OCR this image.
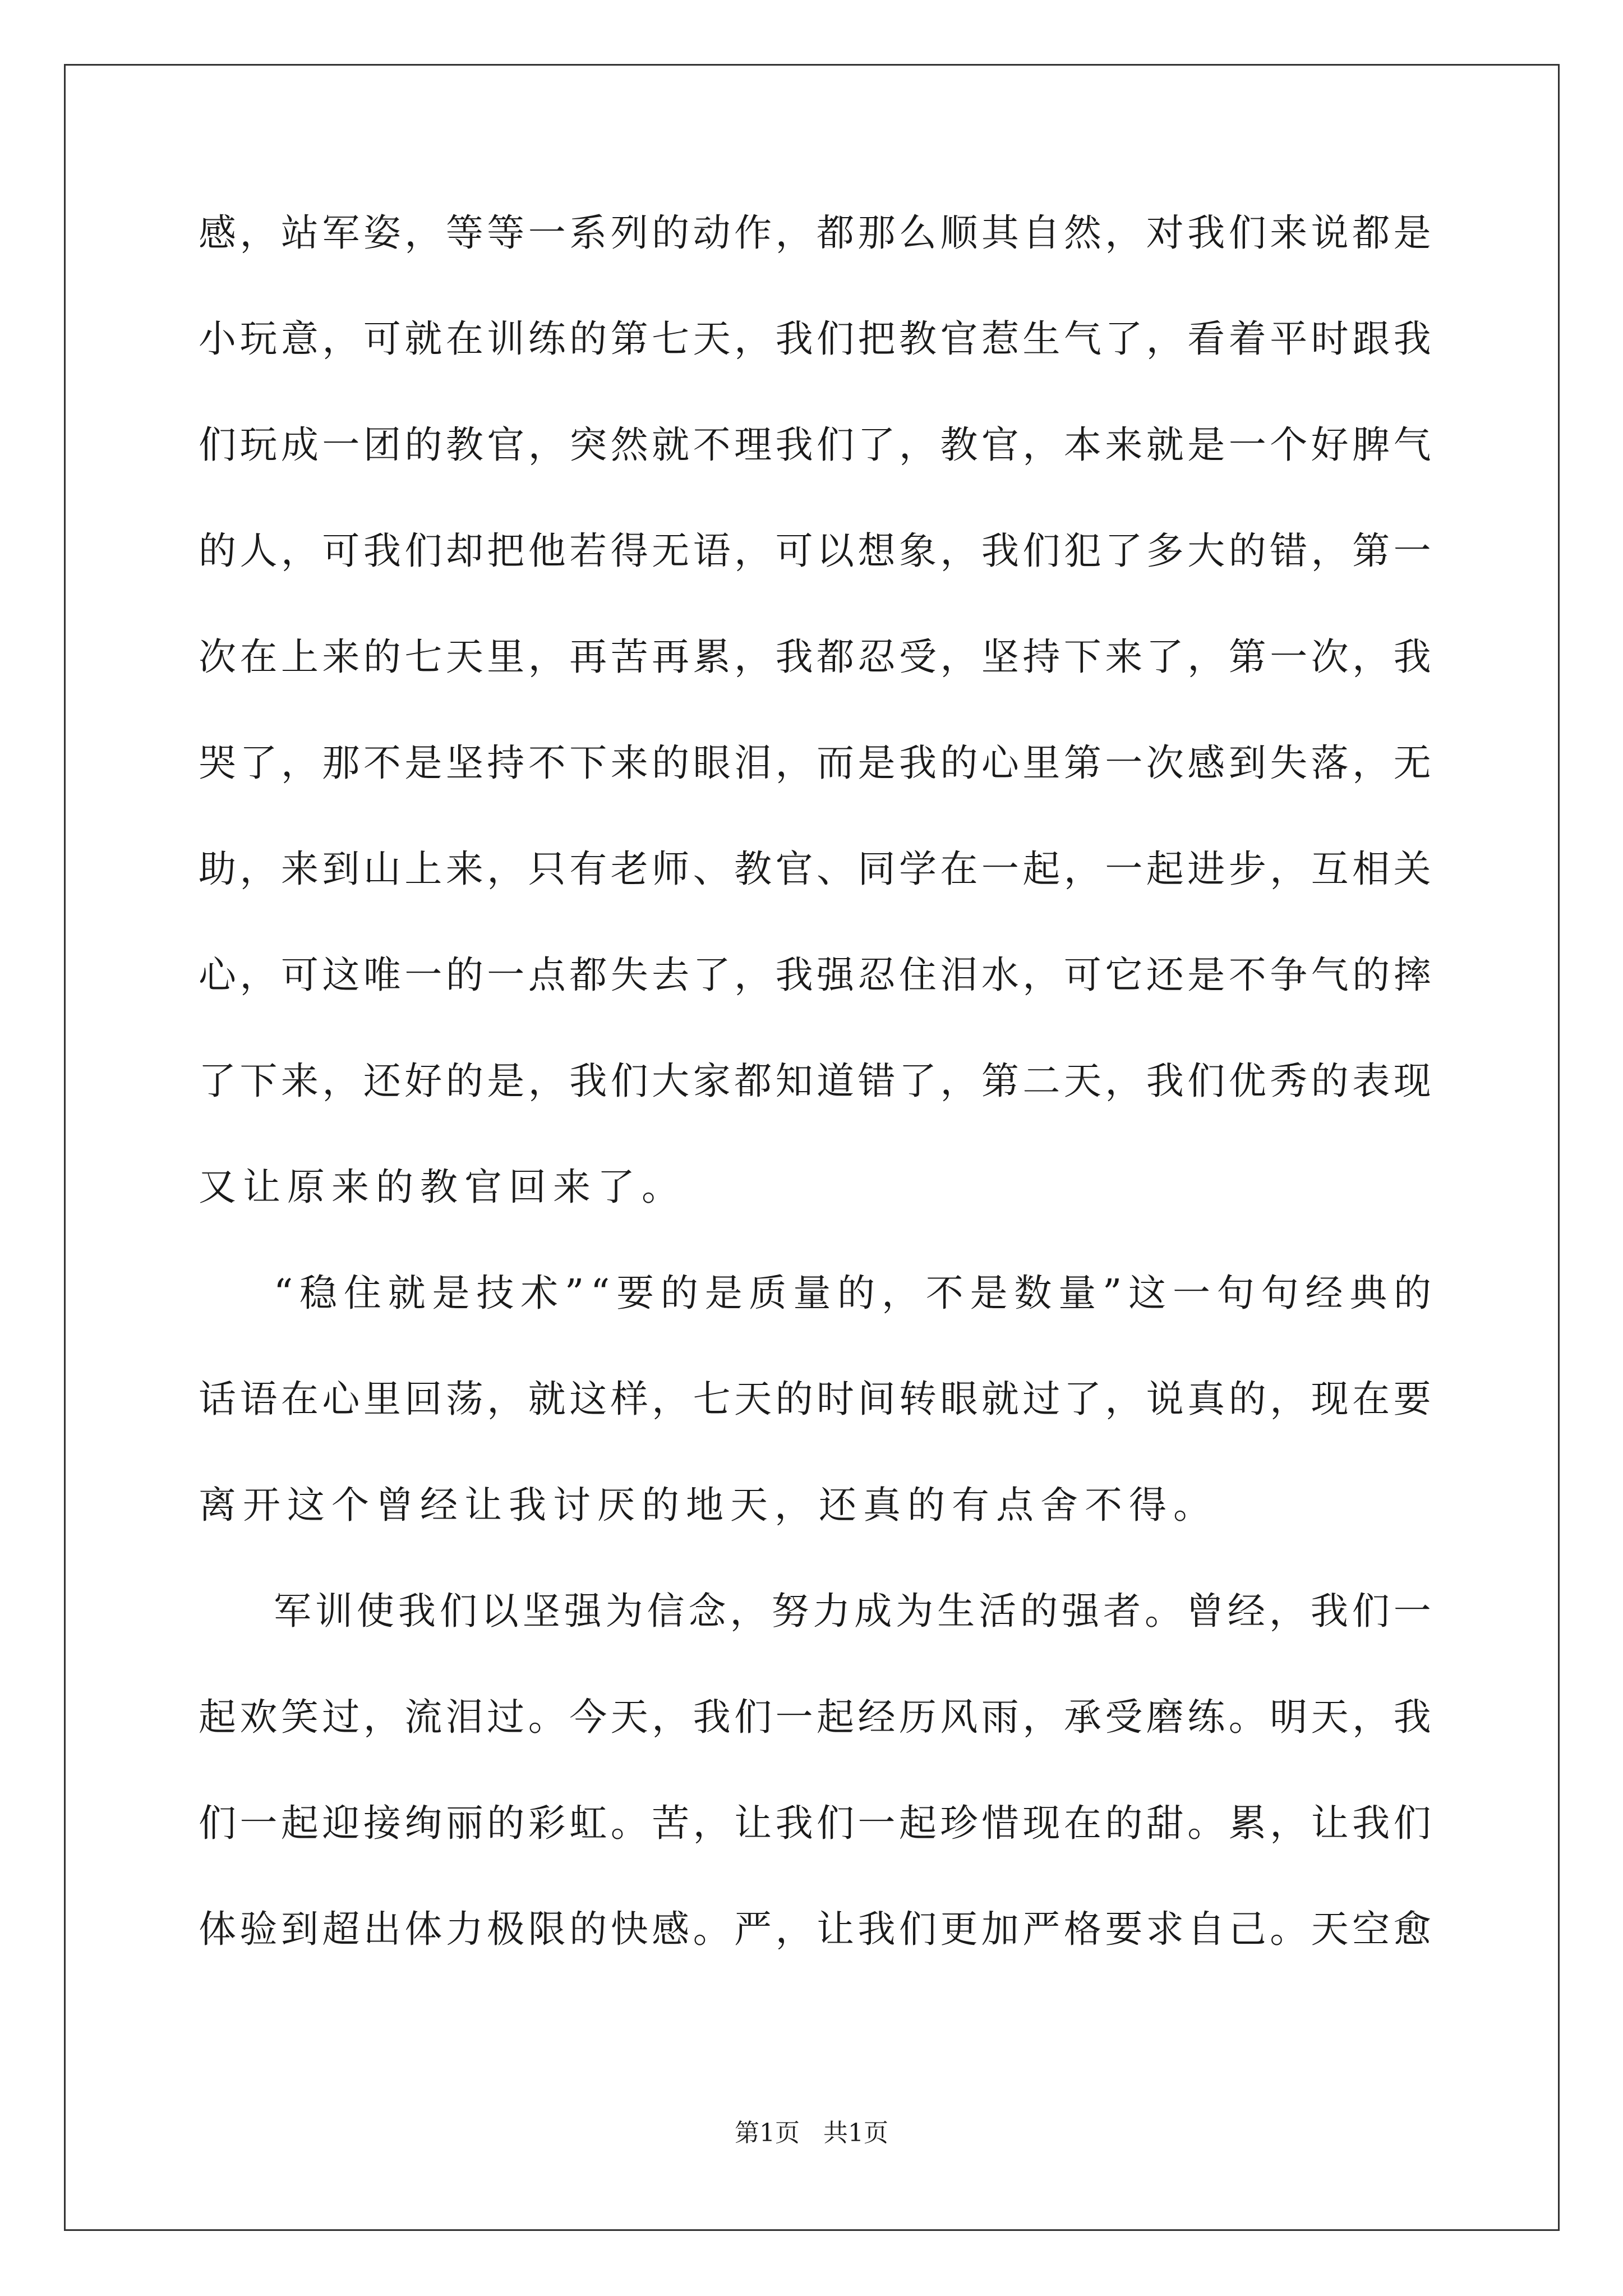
感 ， 站 军 姿 ， 等 等 一 系 列 的 动 作 ， 都 那 么 顺 其 自 然 ， 对 我 们 来 说 都 是
小 玩 意 ， 可 就 在 训 练 的 第 七 天 ， 我 们 把 教 官 惹 生 气 了 ， 看 着 平 时 跟 我
们 玩 成 一 团 的 教 官 ， 突 然 就 不 理 我 们 了 ， 教 官 ， 本 来 就 是 一 个 好 脾 气
的 人 ， 可 我 们 却 把 他 若 得 无 语 ， 可 以 想 象 ， 我 们 犯 了 多 大 的 错 ， 第 一
次 在 上 来 的 七 天 里 ， 再 苦 再 累 ， 我 都 忍 受 ， 坚 持 下 来 了 ， 第 一 次 ， 我
哭 了 ， 那 不 是 坚 持 不 下 来 的 眼 泪 ， 而 是 我 的 心 里 第 一 次 感 到 失 落 ， 无
助 ， 来 到 山 上 来 ， 只 有 老 师 、 教 官 、 同 学 在 一 起 ， 一 起 进 步 ， 互 相 关
心 ， 可 这 唯 一 的 一 点 都 失 去 了 ， 我 强 忍 住 泪 水 ， 可 它 还 是 不 争 气 的 摔
了 下 来 ， 还 好 的 是 ， 我 们 大 家 都 知 道 错 了 ， 第 二 天 ， 我 们 优 秀 的 表 现
又让原来的教官回来了。
“ 稳 住 就 是 技 术 ” “ 要 的 是 质 量 的 ， 不 是 数 量 ” 这 一 句 句 经 典 的
话 语 在 心 里 回 荡 ， 就 这 样 ， 七 天 的 时 间 转 眼 就 过 了 ， 说 真 的 ， 现 在 要
离开这个曾经让我讨厌的地天，还真的有点舍不得。
军 训 使 我 们 以 坚 强 为 信 念 ， 努 力 成 为 生 活 的 强 者 。 曾 经 ， 我 们 一
起 欢 笑 过 ， 流 泪 过 。 今 天 ， 我 们 一 起 经 历 风 雨 ， 承 受 磨 练 。 明 天 ， 我
们 一 起 迎 接 绚 丽 的 彩 虹 。 苦 ， 让 我 们 一 起 珍 惜 现 在 的 甜 。 累 ， 让 我 们
体 验 到 超 出 体 力 极 限 的 快 感 。 严 ， 让 我 们 更 加 严 格 要 求 自 己 。 天 空 愈
第1页   共1页
